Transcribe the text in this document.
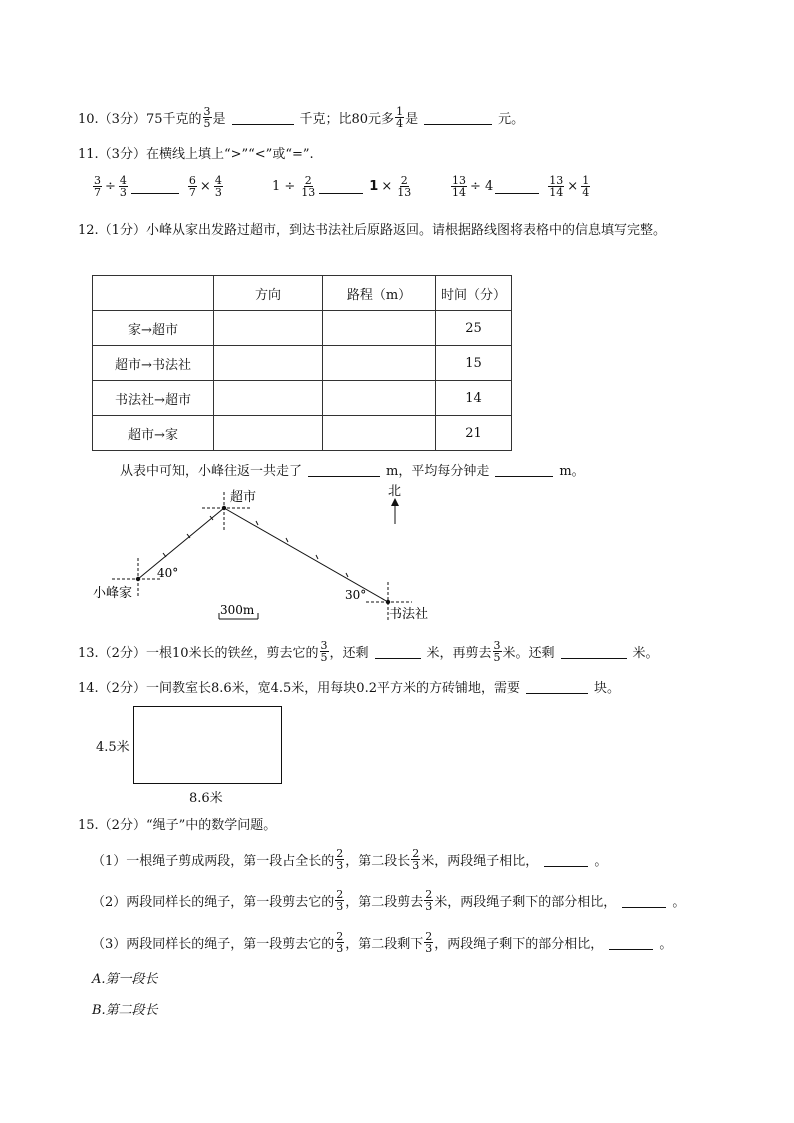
10.（3分）75千克的 $\frac{3}{5}$ 是	千克；比80元多 $\frac{1}{4}$ 是	元。
11.（3分）在横线上填上“>”“<”或“=”.
$\frac{3}{7} \div \frac{4}{3}$	$\frac{6}{7} \times \frac{4}{3}$	$1 \div \frac{2}{13}$	$1 \times \frac{2}{13}$	$\frac{13}{14} \div 4$	$\frac{13}{14} \times \frac{1}{4}$
12.（1分）小峰从家出发路过超市，到达书法社后原路返回。请根据路线图将表格中的信息填写完整。
	方向	路程（m）	时间（分）
家→超市			25
超市→书法社			15
书法社→超市			14
超市→家			21
从表中可知，小峰往返一共走了	m，平均每分钟走	m。
超市	北
小峰家
书法社
40°
30°
300m
13.（2分）一根10米长的铁丝，剪去它的 $\frac{3}{5}$ ，还剩	米，再剪去 $\frac{3}{5}$ 米。还剩	米。
14.（2分）一间教室长8.6米，宽4.5米，用每块0.2平方米的方砖铺地，需要	块。
4.5米
8.6米
15.（2分）“绳子”中的数学问题。
（1）一根绳子剪成两段，第一段占全长的 $\frac{2}{3}$ ，第二段长 $\frac{2}{3}$ 米，两段绳子相比，	。
（2）两段同样长的绳子，第一段剪去它的 $\frac{2}{3}$ ，第二段剪去 $\frac{2}{3}$ 米，两段绳子剩下的部分相比，	。
（3）两段同样长的绳子，第一段剪去它的 $\frac{2}{3}$ ，第二段剩下 $\frac{2}{3}$ ，两段绳子剩下的部分相比，	。
A.第一段长
B.第二段长
